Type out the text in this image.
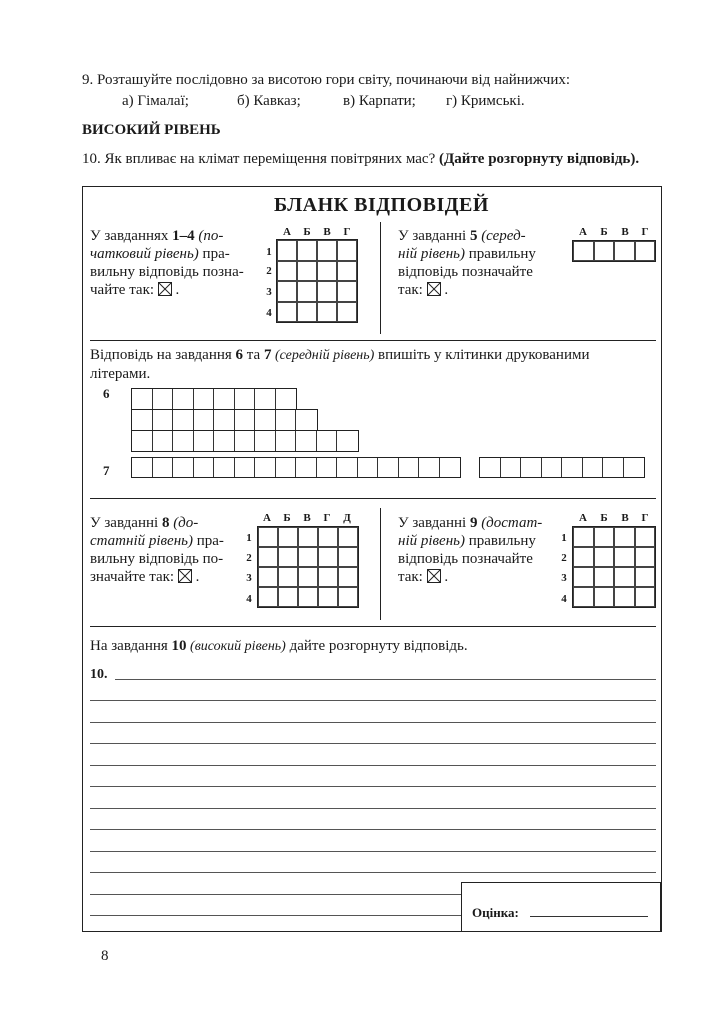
9. Розташуйте послідовно за висотою гори світу, починаючи від найнижчих:
а) Гімалаї;	б) Кавказ;	в) Карпати; г) Кримські.
ВИСОКИЙ РІВЕНЬ
10. Як впливає на клімат переміщення повітряних мас? (Дайте розгорнуту відповідь).
БЛАНК ВІДПОВІДЕЙ
У завданнях 1–4 (по-
чатковий рівень) пра-
вильну відповідь позна-
чайте так: ☒ .
А	Б	В	Г
1
2
3
4
У завданні 5 (серед-
ній рівень) правильну
відповідь позначайте
так: ☒ .
А	Б	В	Г
Відповідь на завдання 6 та 7 (середній рівень) впишіть у клітинки друкованими
літерами.
6
7
У завданні 8 (до-
статній рівень) пра-
вильну відповідь по-
значайте так: ☒ .
А	Б	В	Г	Д
1
2
3
4
У завданні 9 (достат-
ній рівень) правильну
відповідь позначайте
так: ☒ .
А	Б	В	Г
1
2
3
4
На завдання 10 (високий рівень) дайте розгорнуту відповідь.
10.
Оцінка:
8
